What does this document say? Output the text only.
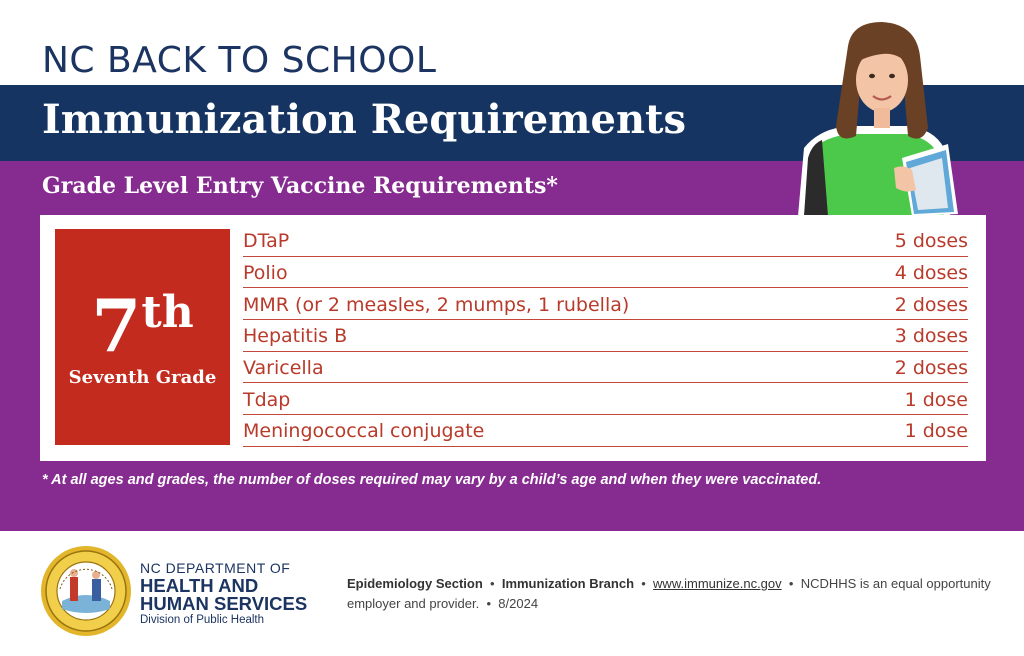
NC BACK TO SCHOOL
Immunization Requirements
Grade Level Entry Vaccine Requirements*
7th
Seventh Grade
DTaP	5 doses
Polio	4 doses
MMR (or 2 measles, 2 mumps, 1 rubella)	2 doses
Hepatitis B	3 doses
Varicella	2 doses
Tdap	1 dose
Meningococcal conjugate	1 dose
* At all ages and grades, the number of doses required may vary by a child’s age and when they were vaccinated.
NC DEPARTMENT OF
HEALTH AND
HUMAN SERVICES
Division of Public Health
Epidemiology Section • Immunization Branch • www.immunize.nc.gov • NCDHHS is an equal opportunity employer and provider. • 8/2024
